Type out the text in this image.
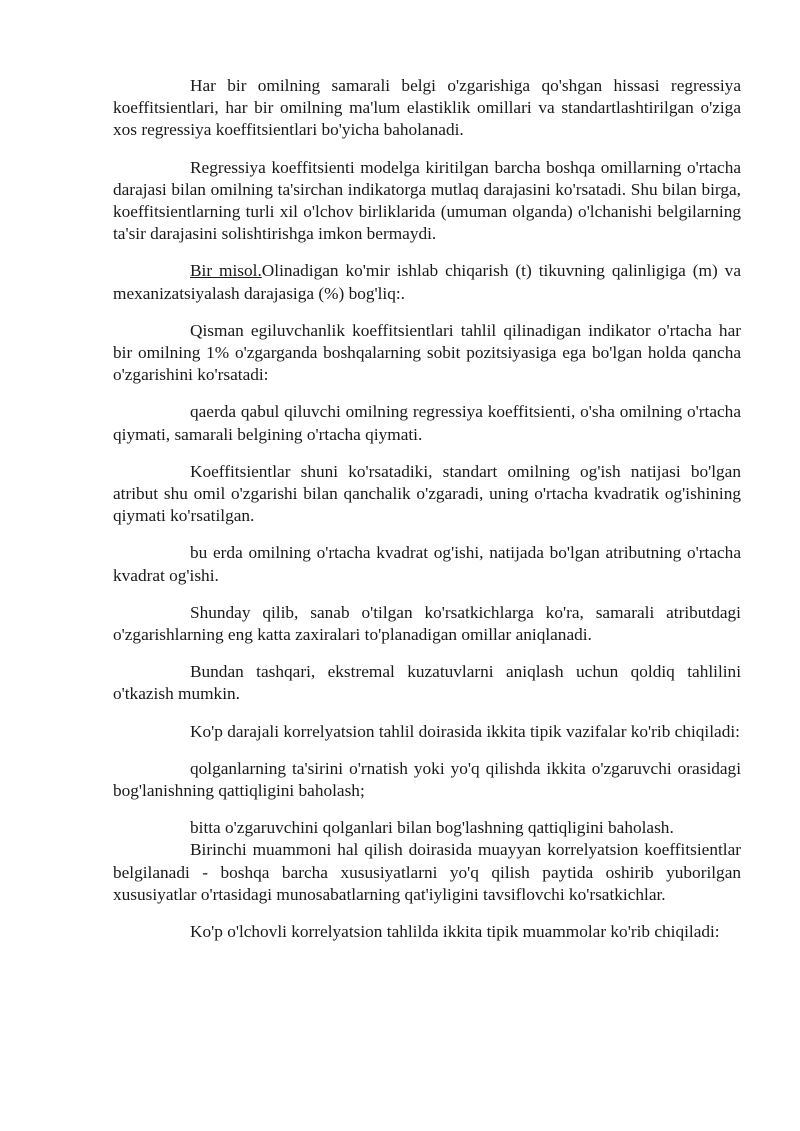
Har bir omilning samarali belgi o'zgarishiga qo'shgan hissasi regressiya koeffitsientlari, har bir omilning ma'lum elastiklik omillari va standartlashtirilgan o'ziga xos regressiya koeffitsientlari bo'yicha baholanadi.

Regressiya koeffitsienti modelga kiritilgan barcha boshqa omillarning o'rtacha darajasi bilan omilning ta'sirchan indikatorga mutlaq darajasini ko'rsatadi. Shu bilan birga, koeffitsientlarning turli xil o'lchov birliklarida (umuman olganda) o'lchanishi belgilarning ta'sir darajasini solishtirishga imkon bermaydi.

Bir misol.Olinadigan ko'mir ishlab chiqarish (t) tikuvning qalinligiga (m) va mexanizatsiyalash darajasiga (%) bog'liq:.

Qisman egiluvchanlik koeffitsientlari tahlil qilinadigan indikator o'rtacha har bir omilning 1% o'zgarganda boshqalarning sobit pozitsiyasiga ega bo'lgan holda qancha o'zgarishini ko'rsatadi:

qaerda qabul qiluvchi omilning regressiya koeffitsienti, o'sha omilning o'rtacha qiymati, samarali belgining o'rtacha qiymati.

Koeffitsientlar shuni ko'rsatadiki, standart omilning og'ish natijasi bo'lgan atribut shu omil o'zgarishi bilan qanchalik o'zgaradi, uning o'rtacha kvadratik og'ishining qiymati ko'rsatilgan.

bu erda omilning o'rtacha kvadrat og'ishi, natijada bo'lgan atributning o'rtacha kvadrat og'ishi.

Shunday qilib, sanab o'tilgan ko'rsatkichlarga ko'ra, samarali atributdagi o'zgarishlarning eng katta zaxiralari to'planadigan omillar aniqlanadi.

Bundan tashqari, ekstremal kuzatuvlarni aniqlash uchun qoldiq tahlilini o'tkazish mumkin.

Ko'p darajali korrelyatsion tahlil doirasida ikkita tipik vazifalar ko'rib chiqiladi:

qolganlarning ta'sirini o'rnatish yoki yo'q qilishda ikkita o'zgaruvchi orasidagi bog'lanishning qattiqligini baholash;

bitta o'zgaruvchini qolganlari bilan bog'lashning qattiqligini baholash.

Birinchi muammoni hal qilish doirasida muayyan korrelyatsion koeffitsientlar belgilanadi - boshqa barcha xususiyatlarni yo'q qilish paytida oshirib yuborilgan xususiyatlar o'rtasidagi munosabatlarning qat'iyligini tavsiflovchi ko'rsatkichlar.

Ko'p o'lchovli korrelyatsion tahlilda ikkita tipik muammolar ko'rib chiqiladi:
